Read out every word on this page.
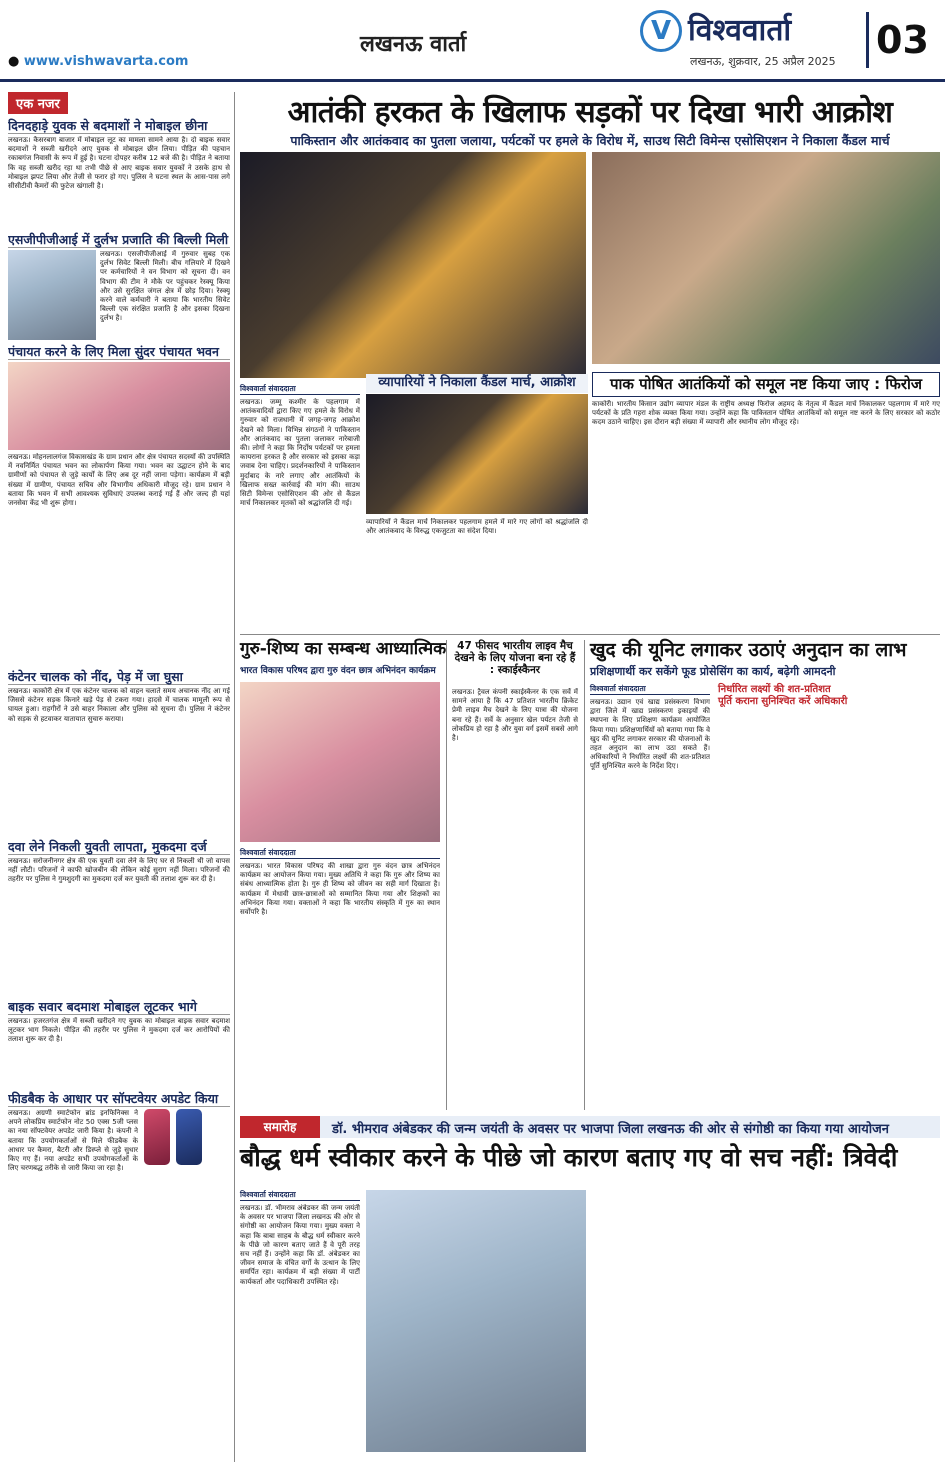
● www.vishwavarta.com
लखनऊ वार्ता	V विश्ववार्ता
लखनऊ, शुक्रवार, 25 अप्रैल 2025 03
एक नजर
दिनदहाड़े युवक से बदमाशों ने मोबाइल छीना
लखनऊ। कैसरबाग बाजार में मोबाइल लूट का मामला सामने आया है। दो बाइक सवार बदमाशों ने सब्जी खरीदने आए युवक से मोबाइल छीन लिया। पीड़ित की पहचान रकाबगंज निवासी के रूप में हुई है। घटना दोपहर करीब 12 बजे की है। पीड़ित ने बताया कि वह सब्जी खरीद रहा था तभी पीछे से आए बाइक सवार युवकों ने उसके हाथ से मोबाइल झपट लिया और तेजी से फरार हो गए। पुलिस ने घटना स्थल के आस-पास लगे सीसीटीवी कैमरों की फुटेज खंगाली है।
एसजीपीजीआई में दुर्लभ प्रजाति की बिल्ली मिली
लखनऊ। एसजीपीजीआई में गुरुवार सुबह एक दुर्लभ सिवेट बिल्ली मिली। बीच गलियारे में दिखने पर कर्मचारियों ने वन विभाग को सूचना दी। वन विभाग की टीम ने मौके पर पहुंचकर रेस्क्यू किया और उसे सुरक्षित जंगल क्षेत्र में छोड़ दिया। रेस्क्यू करने वाले कर्मचारी ने बताया कि भारतीय सिवेट बिल्ली एक संरक्षित प्रजाति है और इसका दिखना दुर्लभ है।
पंचायत करने के लिए मिला सुंदर पंचायत भवन
लखनऊ। मोहनलालगंज विकासखंड के ग्राम प्रधान और क्षेत्र पंचायत सदस्यों की उपस्थिति में नवनिर्मित पंचायत भवन का लोकार्पण किया गया। भवन का उद्घाटन होने के बाद ग्रामीणों को पंचायत से जुड़े कार्यों के लिए अब दूर नहीं जाना पड़ेगा। कार्यक्रम में बड़ी संख्या में ग्रामीण, पंचायत सचिव और विभागीय अधिकारी मौजूद रहे। ग्राम प्रधान ने बताया कि भवन में सभी आवश्यक सुविधाएं उपलब्ध कराई गई हैं और जल्द ही यहां जनसेवा केंद्र भी शुरू होगा।
कंटेनर चालक को नींद, पेड़ में जा घुसा
लखनऊ। काकोरी क्षेत्र में एक कंटेनर चालक को वाहन चलाते समय अचानक नींद आ गई जिससे कंटेनर सड़क किनारे खड़े पेड़ से टकरा गया। हादसे में चालक मामूली रूप से घायल हुआ। राहगीरों ने उसे बाहर निकाला और पुलिस को सूचना दी। पुलिस ने कंटेनर को सड़क से हटवाकर यातायात सुचारु कराया।
दवा लेने निकली युवती लापता, मुकदमा दर्ज
लखनऊ। सरोजनीनगर क्षेत्र की एक युवती दवा लेने के लिए घर से निकली थी जो वापस नहीं लौटी। परिजनों ने काफी खोजबीन की लेकिन कोई सुराग नहीं मिला। परिजनों की तहरीर पर पुलिस ने गुमशुदगी का मुकदमा दर्ज कर युवती की तलाश शुरू कर दी है।
बाइक सवार बदमाश मोबाइल लूटकर भागे
लखनऊ। हजरतगंज क्षेत्र में सब्जी खरीदने गए युवक का मोबाइल बाइक सवार बदमाश लूटकर भाग निकले। पीड़ित की तहरीर पर पुलिस ने मुकदमा दर्ज कर आरोपियों की तलाश शुरू कर दी है।
फीडबैक के आधार पर सॉफ्टवेयर अपडेट किया
लखनऊ। अग्रणी स्मार्टफोन ब्रांड इनफिनिक्स ने अपने लोकप्रिय स्मार्टफोन नोट 50 एक्स 5जी प्लस का नया सॉफ्टवेयर अपडेट जारी किया है। कंपनी ने बताया कि उपयोगकर्ताओं से मिले फीडबैक के आधार पर कैमरा, बैटरी और डिस्प्ले से जुड़े सुधार किए गए हैं। नया अपडेट सभी उपयोगकर्ताओं के लिए चरणबद्ध तरीके से जारी किया जा रहा है।
आतंकी हरकत के खिलाफ सड़कों पर दिखा भारी आक्रोश
पाकिस्तान और आतंकवाद का पुतला जलाया, पर्यटकों पर हमले के विरोध में, साउथ सिटी विमेन्स एसोसिएशन ने निकाला कैंडल मार्च
विश्ववार्ता संवाददाता
लखनऊ। जम्मू कश्मीर के पहलगाम में आतंकवादियों द्वारा किए गए हमले के विरोध में गुरुवार को राजधानी में जगह-जगह आक्रोश देखने को मिला। विभिन्न संगठनों ने पाकिस्तान और आतंकवाद का पुतला जलाकर नारेबाजी की। लोगों ने कहा कि निर्दोष पर्यटकों पर हमला कायराना हरकत है और सरकार को इसका कड़ा जवाब देना चाहिए। प्रदर्शनकारियों ने पाकिस्तान मुर्दाबाद के नारे लगाए और आतंकियों के खिलाफ सख्त कार्रवाई की मांग की। साउथ सिटी विमेन्स एसोसिएशन की ओर से कैंडल मार्च निकालकर मृतकों को श्रद्धांजलि दी गई।
व्यापारियों ने निकाला कैंडल मार्च, आक्रोश
व्यापारियों ने कैंडल मार्च निकालकर पहलगाम हमले में मारे गए लोगों को श्रद्धांजलि दी और आतंकवाद के विरुद्ध एकजुटता का संदेश दिया।
पाक पोषित आतंकियों को समूल नष्ट किया जाए : फिरोज
काकोरी। भारतीय किसान उद्योग व्यापार मंडल के राष्ट्रीय अध्यक्ष फिरोज अहमद के नेतृत्व में कैंडल मार्च निकालकर पहलगाम में मारे गए पर्यटकों के प्रति गहरा शोक व्यक्त किया गया। उन्होंने कहा कि पाकिस्तान पोषित आतंकियों को समूल नष्ट करने के लिए सरकार को कठोर कदम उठाने चाहिए। इस दौरान बड़ी संख्या में व्यापारी और स्थानीय लोग मौजूद रहे।
गुरु-शिष्य का सम्बन्ध आध्यात्मिक
भारत विकास परिषद द्वारा गुरु वंदन छात्र अभिनंदन कार्यक्रम
विश्ववार्ता संवाददाता
लखनऊ। भारत विकास परिषद की शाखा द्वारा गुरु वंदन छात्र अभिनंदन कार्यक्रम का आयोजन किया गया। मुख्य अतिथि ने कहा कि गुरु और शिष्य का संबंध आध्यात्मिक होता है। गुरु ही शिष्य को जीवन का सही मार्ग दिखाता है। कार्यक्रम में मेधावी छात्र-छात्राओं को सम्मानित किया गया और शिक्षकों का अभिनंदन किया गया। वक्ताओं ने कहा कि भारतीय संस्कृति में गुरु का स्थान सर्वोपरि है।
47 फीसद भारतीय लाइव मैच देखने के लिए योजना बना रहे हैं : स्काईस्कैनर
लखनऊ। ट्रैवल कंपनी स्काईस्कैनर के एक सर्वे में सामने आया है कि 47 प्रतिशत भारतीय क्रिकेट प्रेमी लाइव मैच देखने के लिए यात्रा की योजना बना रहे हैं। सर्वे के अनुसार खेल पर्यटन तेजी से लोकप्रिय हो रहा है और युवा वर्ग इसमें सबसे आगे है।
खुद की यूनिट लगाकर उठाएं अनुदान का लाभ
प्रशिक्षणार्थी कर सकेंगे फूड प्रोसेसिंग का कार्य, बढ़ेगी आमदनी
विश्ववार्ता संवाददाता
लखनऊ। उद्यान एवं खाद्य प्रसंस्करण विभाग द्वारा जिले में खाद्य प्रसंस्करण इकाइयों की स्थापना के लिए प्रशिक्षण कार्यक्रम आयोजित किया गया। प्रशिक्षणार्थियों को बताया गया कि वे खुद की यूनिट लगाकर सरकार की योजनाओं के तहत अनुदान का लाभ उठा सकते हैं। अधिकारियों ने निर्धारित लक्ष्यों की शत-प्रतिशत पूर्ति सुनिश्चित करने के निर्देश दिए।
निर्धारित लक्ष्यों की शत-प्रतिशत पूर्ति कराना सुनिश्चित करें अधिकारी
समारोह	डॉ. भीमराव अंबेडकर की जन्म जयंती के अवसर पर भाजपा जिला लखनऊ की ओर से संगोष्ठी का किया गया आयोजन
बौद्ध धर्म स्वीकार करने के पीछे जो कारण बताए गए वो सच नहीं: त्रिवेदी
विश्ववार्ता संवाददाता
लखनऊ। डॉ. भीमराव अंबेडकर की जन्म जयंती के अवसर पर भाजपा जिला लखनऊ की ओर से संगोष्ठी का आयोजन किया गया। मुख्य वक्ता ने कहा कि बाबा साहब के बौद्ध धर्म स्वीकार करने के पीछे जो कारण बताए जाते हैं वे पूरी तरह सच नहीं हैं। उन्होंने कहा कि डॉ. अंबेडकर का जीवन समाज के वंचित वर्गों के उत्थान के लिए समर्पित रहा। कार्यक्रम में बड़ी संख्या में पार्टी कार्यकर्ता और पदाधिकारी उपस्थित रहे।
